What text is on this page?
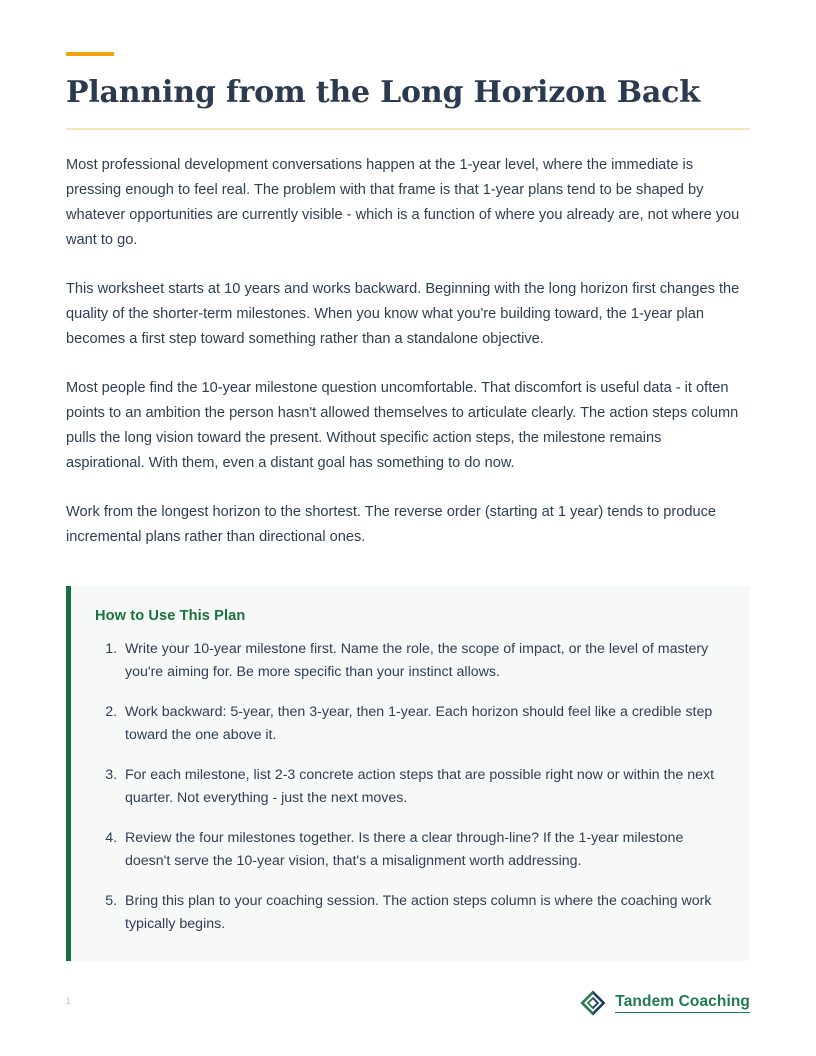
Planning from the Long Horizon Back

Most professional development conversations happen at the 1-year level, where the immediate is pressing enough to feel real. The problem with that frame is that 1-year plans tend to be shaped by whatever opportunities are currently visible - which is a function of where you already are, not where you want to go.

This worksheet starts at 10 years and works backward. Beginning with the long horizon first changes the quality of the shorter-term milestones. When you know what you're building toward, the 1-year plan becomes a first step toward something rather than a standalone objective.

Most people find the 10-year milestone question uncomfortable. That discomfort is useful data - it often points to an ambition the person hasn't allowed themselves to articulate clearly. The action steps column pulls the long vision toward the present. Without specific action steps, the milestone remains aspirational. With them, even a distant goal has something to do now.

Work from the longest horizon to the shortest. The reverse order (starting at 1 year) tends to produce incremental plans rather than directional ones.

How to Use This Plan
1. Write your 10-year milestone first. Name the role, the scope of impact, or the level of mastery you're aiming for. Be more specific than your instinct allows.
2. Work backward: 5-year, then 3-year, then 1-year. Each horizon should feel like a credible step toward the one above it.
3. For each milestone, list 2-3 concrete action steps that are possible right now or within the next quarter. Not everything - just the next moves.
4. Review the four milestones together. Is there a clear through-line? If the 1-year milestone doesn't serve the 10-year vision, that's a misalignment worth addressing.
5. Bring this plan to your coaching session. The action steps column is where the coaching work typically begins.
1	Tandem Coaching
